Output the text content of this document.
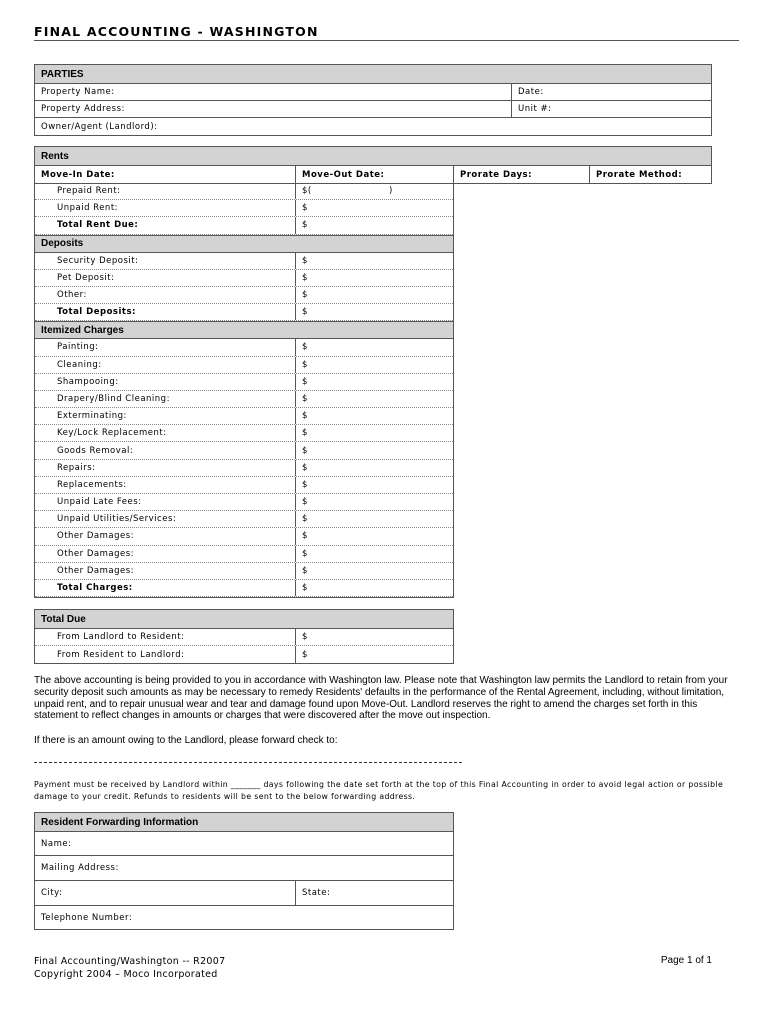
FINAL ACCOUNTING - WASHINGTON
PARTIES
Property Name:	Date:
Property Address:	Unit #:
Owner/Agent (Landlord):
Rents
Move-In Date:	Move-Out Date:	Prorate Days:	Prorate Method:
Prepaid Rent:	$(	)
Unpaid Rent:	$
Total Rent Due:	$
Deposits
Security Deposit:	$
Pet Deposit:	$
Other:	$
Total Deposits:	$
Itemized Charges
Painting:	$
Cleaning:	$
Shampooing:	$
Drapery/Blind Cleaning:	$
Exterminating:	$
Key/Lock Replacement:	$
Goods Removal:	$
Repairs:	$
Replacements:	$
Unpaid Late Fees:	$
Unpaid Utilities/Services:	$
Other Damages:	$
Other Damages:	$
Other Damages:	$
Total Charges:	$
Total Due
From Landlord to Resident:	$
From Resident to Landlord:	$
The above accounting is being provided to you in accordance with Washington law. Please note that Washington law permits the Landlord to retain from your security deposit such amounts as may be necessary to remedy Residents' defaults in the performance of the Rental Agreement, including, without limitation, unpaid rent, and to repair unusual wear and tear and damage found upon Move-Out. Landlord reserves the right to amend the charges set forth in this statement to reflect changes in amounts or charges that were discovered after the move out inspection.
If there is an amount owing to the Landlord, please forward check to:
Payment must be received by Landlord within _______ days following the date set forth at the top of this Final Accounting in order to avoid legal action or possible damage to your credit. Refunds to residents will be sent to the below forwarding address.
Resident Forwarding Information
Name:
Mailing Address:
City:	State:
Telephone Number:
Final Accounting/Washington -- R2007
Copyright 2004 – Moco Incorporated
Page 1 of 1
